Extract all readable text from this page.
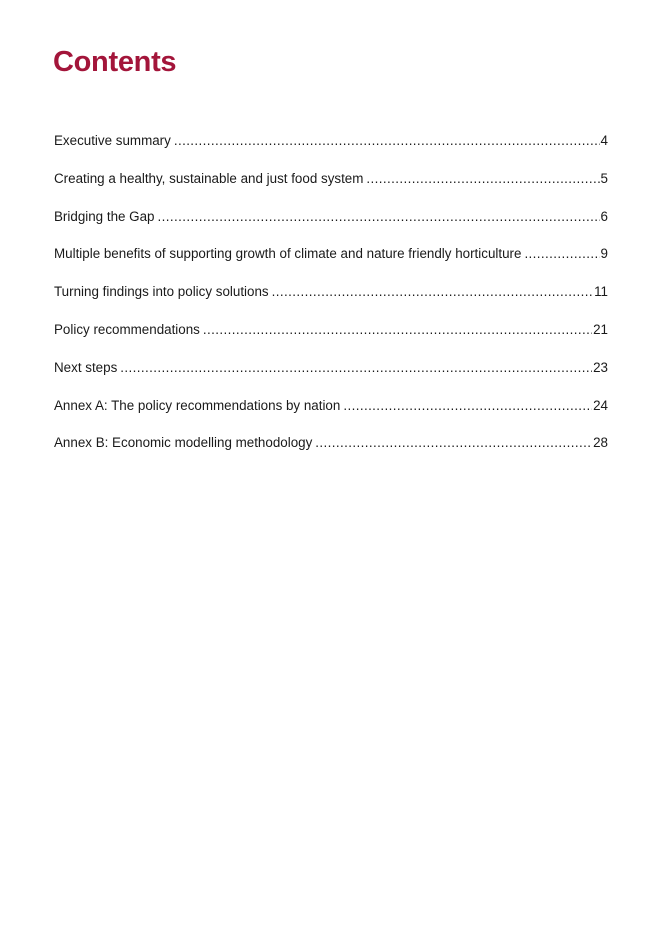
Contents
Executive summary .....	4
Creating a healthy, sustainable and just food system .....	5
Bridging the Gap .....	6
Multiple benefits of supporting growth of climate and nature friendly horticulture .....	9
Turning findings into policy solutions .....	11
Policy recommendations .....	21
Next steps .....	23
Annex A: The policy recommendations by nation .....	24
Annex B: Economic modelling methodology .....	28
